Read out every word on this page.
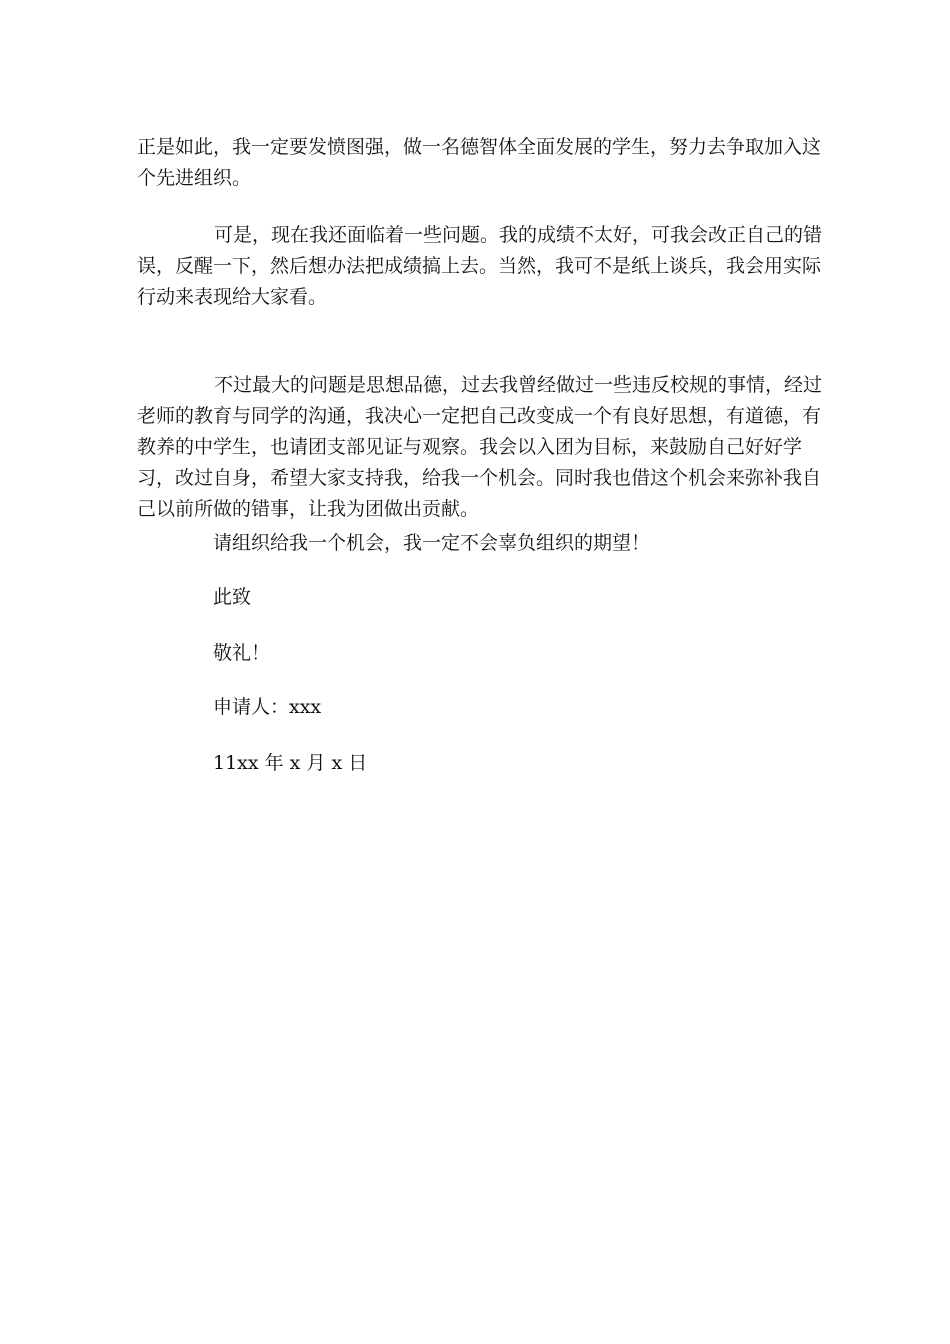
正是如此，我一定要发愤图强，做一名德智体全面发展的学生，努力去争取加入这个先进组织。

可是，现在我还面临着一些问题。我的成绩不太好，可我会改正自己的错误，反醒一下，然后想办法把成绩搞上去。当然，我可不是纸上谈兵，我会用实际行动来表现给大家看。

不过最大的问题是思想品德，过去我曾经做过一些违反校规的事情，经过老师的教育与同学的沟通，我决心一定把自己改变成一个有良好思想，有道德，有教养的中学生，也请团支部见证与观察。我会以入团为目标，来鼓励自己好好学习，改过自身，希望大家支持我，给我一个机会。同时我也借这个机会来弥补我自己以前所做的错事，让我为团做出贡献。

请组织给我一个机会，我一定不会辜负组织的期望！

此致

敬礼！

申请人：xxx

11xx 年 x 月 x 日
